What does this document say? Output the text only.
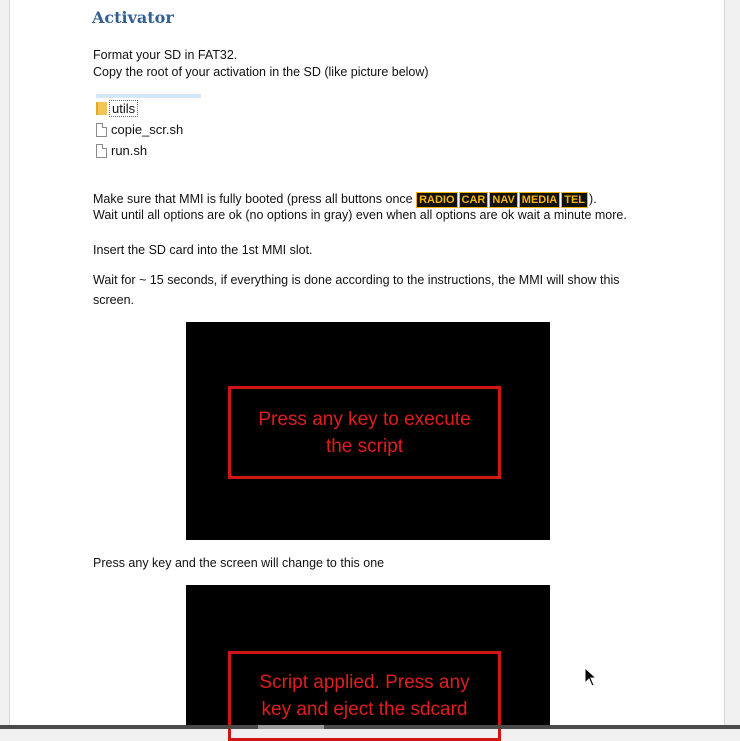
Activator
Format your SD in FAT32.
Copy the root of your activation in the SD (like picture below)
utils
copie_scr.sh
run.sh
Make sure that MMI is fully booted (press all buttons once RADIO CAR NAV MEDIA TEL ).
Wait until all options are ok (no options in gray) even when all options are ok wait a minute more.
Insert the SD card into the 1st MMI slot.
Wait for ~ 15 seconds, if everything is done according to the instructions, the MMI will show this
screen.
Press any key to execute the script
Press any key and the screen will change to this one
Script applied. Press any key and eject the sdcard
